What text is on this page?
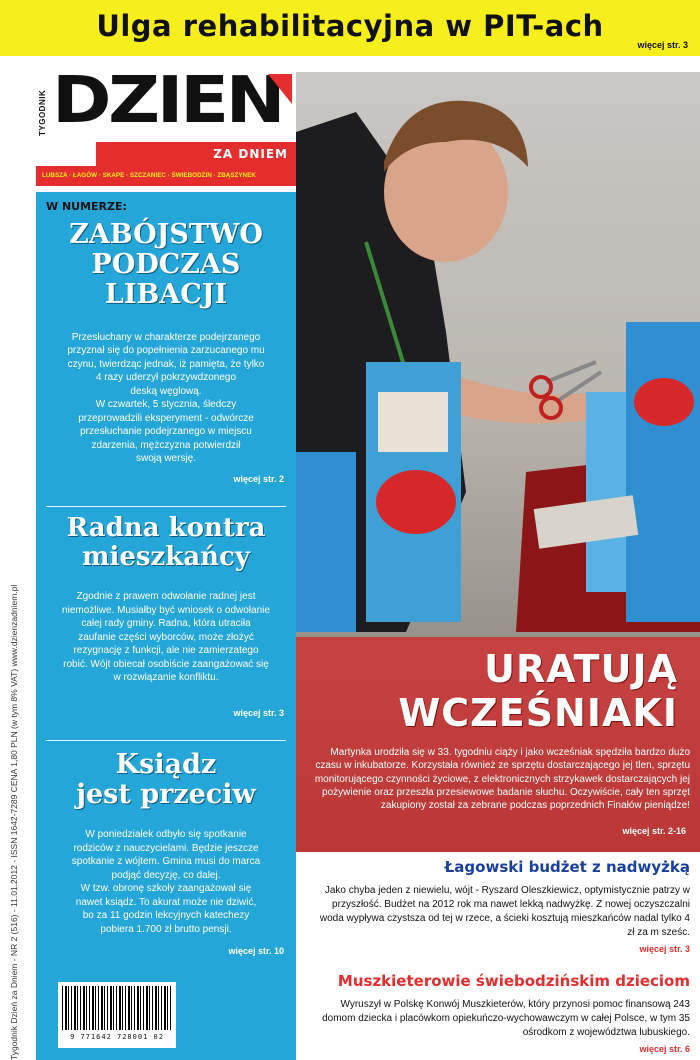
Ulga rehabilitacyjna w PIT-ach
więcej str. 3
Tygodnik Dzień za Dniem - NR 2 (516) - 11.01.2012 - ISSN 1642-7289 CENA 1,80 PLN (w tym 8% VAT) www.dzienzadniem.pl
TYGODNIK DZIEN
ZA DNIEM
LUBSZA · ŁAGÓW · SKAPE · SZCZANIEC · ŚWIEBODZIN · ZBĄSZYNEK
W NUMERZE:
ZABÓJSTWO
PODCZAS
LIBACJI

Przesłuchany w charakterze podejrzanego
przyznał się do popełnienia zarzucanego mu
czynu, twierdząc jednak, iż pamięta, że tylko
4 razy uderzył pokrzywdzonego
deską węglową.
W czwartek, 5 stycznia, śledczy
przeprowadzili eksperyment - odwórcze
przesłuchanie podejrzanego w miejscu
zdarzenia, mężczyzna potwierdził
swoją wersję.

więcej str. 2
Radna kontra
mieszkańcy

Zgodnie z prawem odwołanie radnej jest
niemożliwe. Musiałby być wniosek o odwołanie
całej rady gminy. Radna, która utraciła
zaufanie części wyborców, może złożyć
rezygnację z funkcji, ale nie zamierzatego
robić. Wójt obiecał osobiście zaangażować się
w rozwiązanie konfliktu.

więcej str. 3
Ksiądz
jest przeciw

W poniedziałek odbyło się spotkanie
rodziców z nauczycielami. Będzie jeszcze
spotkanie z wójtem. Gmina musi do marca
podjąć decyzję, co dalej.
W tzw. obronę szkoły zaangażował się
nawet ksiądz. To akurat może nie dziwić,
bo za 11 godzin lekcyjnych katechezy
pobiera 1.700 zł brutto pensji.

więcej str. 10
9 771642 728001 02
URATUJĄ
WCZEŚNIAKI
Martynka urodziła się w 33. tygodniu ciąży i jako wcześniak spędziła bardzo dużo czasu w inkubatorze. Korzystała również ze sprzętu dostarczającego jej tlen, sprzętu monitorującego czynności życiowe, z elektronicznych strzykawek dostarczających jej pożywienie oraz przeszła przesiewowe badanie słuchu. Oczywiście, cały ten sprzęt zakupiony został za zebrane podczas poprzednich Finałów pieniądze!
więcej str. 2-16
Łagowski budżet z nadwyżką

Jako chyba jeden z niewielu, wójt - Ryszard Oleszkiewicz, optymistycznie patrzy w przyszłość. Budżet na 2012 rok ma nawet lekką nadwyżkę. Z nowej oczyszczalni woda wypływa czystsza od tej w rzece, a ścieki kosztują mieszkańców nadal tylko 4 zł za m sześc.

więcej str. 3
Muszkieterowie świebodzińskim dzieciom

Wyruszył w Polskę Konwój Muszkieterów, który przynosi pomoc finansową 243 domom dziecka i placówkom opiekuńczo-wychowawczym w całej Polsce, w tym 35 ośrodkom z województwa lubuskiego.

więcej str. 6
